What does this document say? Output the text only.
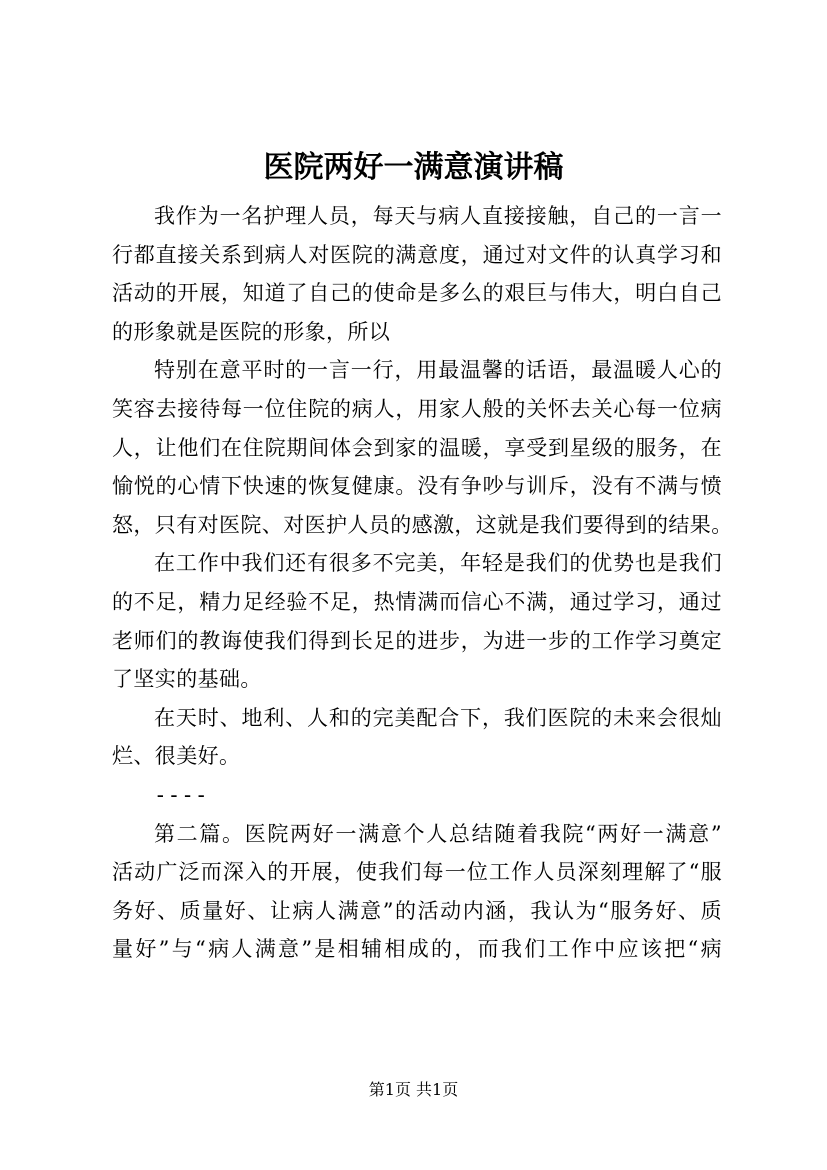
医院两好一满意演讲稿
我作为一名护理人员，每天与病人直接接触，自己的一言一
行都直接关系到病人对医院的满意度，通过对文件的认真学习和
活动的开展，知道了自己的使命是多么的艰巨与伟大，明白自己
的形象就是医院的形象，所以
特别在意平时的一言一行，用最温馨的话语，最温暖人心的
笑容去接待每一位住院的病人，用家人般的关怀去关心每一位病
人，让他们在住院期间体会到家的温暖，享受到星级的服务，在
愉悦的心情下快速的恢复健康。没有争吵与训斥，没有不满与愤
怒，只有对医院、对医护人员的感激，这就是我们要得到的结果。
在工作中我们还有很多不完美，年轻是我们的优势也是我们
的不足，精力足经验不足，热情满而信心不满，通过学习，通过
老师们的教诲使我们得到长足的进步，为进一步的工作学习奠定
了坚实的基础。
在天时、地利、人和的完美配合下，我们医院的未来会很灿
烂、很美好。
----
第二篇。医院两好一满意个人总结随着我院“两好一满意”
活动广泛而深入的开展，使我们每一位工作人员深刻理解了“服
务好、质量好、让病人满意”的活动内涵，我认为“服务好、质
量好”与“病人满意”是相辅相成的，而我们工作中应该把“病
第1页 共1页
